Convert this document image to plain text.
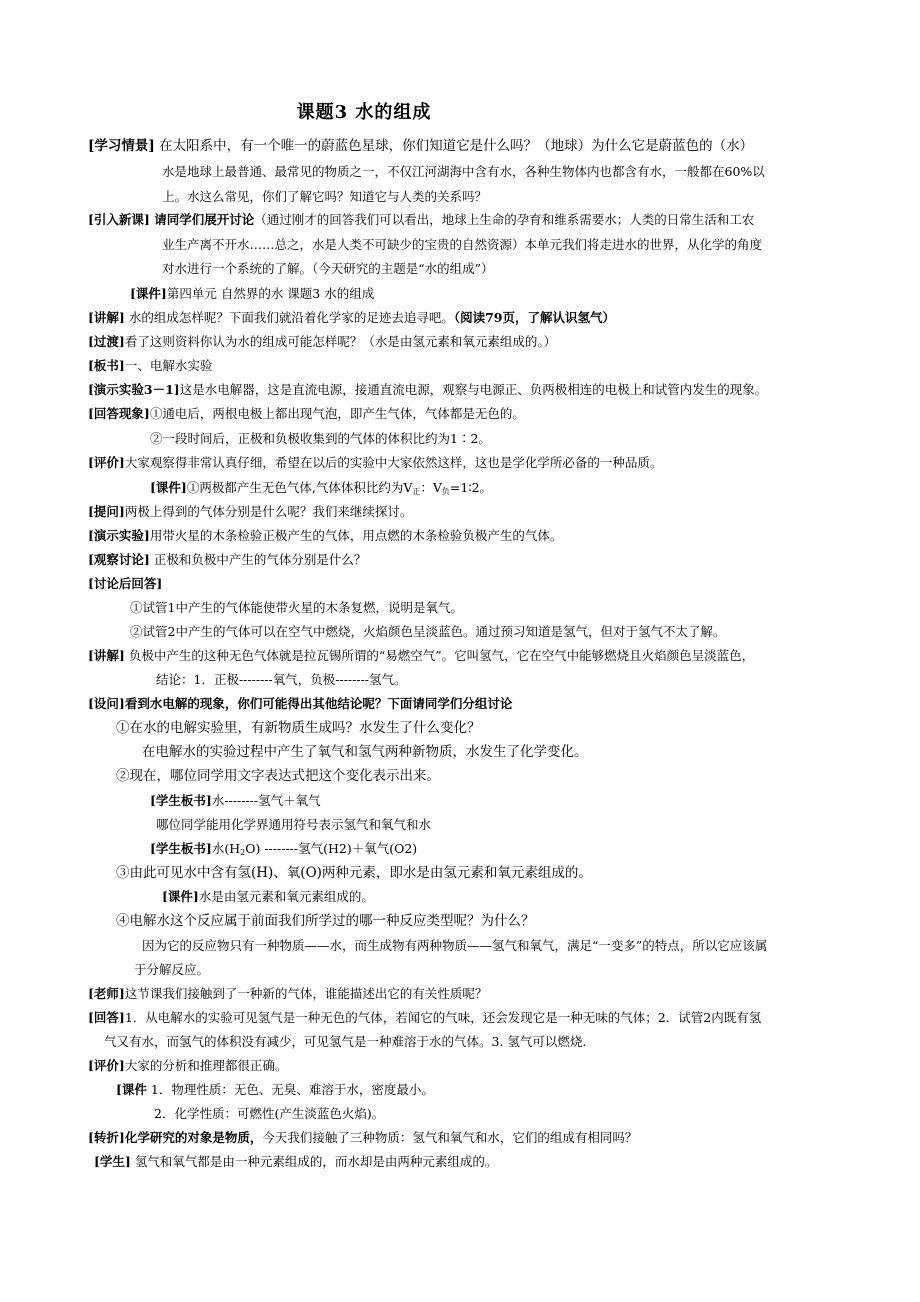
课题3 水的组成
[学习情景] 在太阳系中，有一个唯一的蔚蓝色星球，你们知道它是什么吗？（地球）为什么它是蔚蓝色的（水）
水是地球上最普通、最常见的物质之一，不仅江河湖海中含有水，各种生物体内也都含有水，一般都在60%以
上。水这么常见，你们了解它吗？知道它与人类的关系吗？
[引入新课] 请同学们展开讨论（通过刚才的回答我们可以看出，地球上生命的孕育和维系需要水；人类的日常生活和工农
业生产离不开水……总之，水是人类不可缺少的宝贵的自然资源）本单元我们将走进水的世界，从化学的角度
对水进行一个系统的了解。（今天研究的主题是“水的组成”）
[课件]第四单元 自然界的水 课题3 水的组成
[讲解] 水的组成怎样呢？下面我们就沿着化学家的足迹去追寻吧。（阅读79页，了解认识氢气）
[过渡]看了这则资料你认为水的组成可能怎样呢？（水是由氢元素和氧元素组成的。）
[板书]一、电解水实验
[演示实验3－1]这是水电解器，这是直流电源，接通直流电源，观察与电源正、负两极相连的电极上和试管内发生的现象。
[回答现象]①通电后，两根电极上都出现气泡，即产生气体，气体都是无色的。
②一段时间后，正极和负极收集到的气体的体积比约为1∶2。
[评价]大家观察得非常认真仔细，希望在以后的实验中大家依然这样，这也是学化学所必备的一种品质。
[课件]①两极都产生无色气体,气体体积比约为$V_正$：$V_负=1∶2$。
[提问]两极上得到的气体分别是什么呢？我们来继续探讨。
[演示实验]用带火星的木条检验正极产生的气体，用点燃的木条检验负极产生的气体。
[观察讨论] 正极和负极中产生的气体分别是什么？
[讨论后回答]
①试管1中产生的气体能使带火星的木条复燃，说明是氧气。
②试管2中产生的气体可以在空气中燃烧，火焰颜色呈淡蓝色。通过预习知道是氢气，但对于氢气不太了解。
[讲解] 负极中产生的这种无色气体就是拉瓦锡所谓的“易燃空气”。它叫氢气，它在空气中能够燃烧且火焰颜色呈淡蓝色，
结论：1．正极--------氧气，负极--------氢气。
[设问]看到水电解的现象，你们可能得出其他结论呢？下面请同学们分组讨论
①在水的电解实验里，有新物质生成吗？水发生了什么变化？
在电解水的实验过程中产生了氧气和氢气两种新物质，水发生了化学变化。
②现在，哪位同学用文字表达式把这个变化表示出来。
[学生板书]水--------氢气＋氧气
哪位同学能用化学界通用符号表示氢气和氧气和水
[学生板书]水$(H_2O)$ --------氢气(H2)＋氧气(O2)
③由此可见水中含有氢(H)、氧(O)两种元素，即水是由氢元素和氧元素组成的。
[课件]水是由氢元素和氧元素组成的。
④电解水这个反应属于前面我们所学过的哪一种反应类型呢？为什么？
因为它的反应物只有一种物质——水，而生成物有两种物质——氢气和氧气，满足“一变多”的特点，所以它应该属
于分解反应。
[老师]这节课我们接触到了一种新的气体，谁能描述出它的有关性质呢？
[回答]1．从电解水的实验可见氢气是一种无色的气体，若闻它的气味，还会发现它是一种无味的气体；2．试管2内既有氢
气又有水，而氢气的体积没有减少，可见氢气是一种难溶于水的气体。3. 氢气可以燃烧.
[评价]大家的分析和推理都很正确。
[课件 1．物理性质：无色、无臭、难溶于水，密度最小。
2．化学性质：可燃性(产生淡蓝色火焰)。
[转折]化学研究的对象是物质，今天我们接触了三种物质：氢气和氧气和水，它们的组成有相同吗？
[学生] 氢气和氧气都是由一种元素组成的，而水却是由两种元素组成的。
